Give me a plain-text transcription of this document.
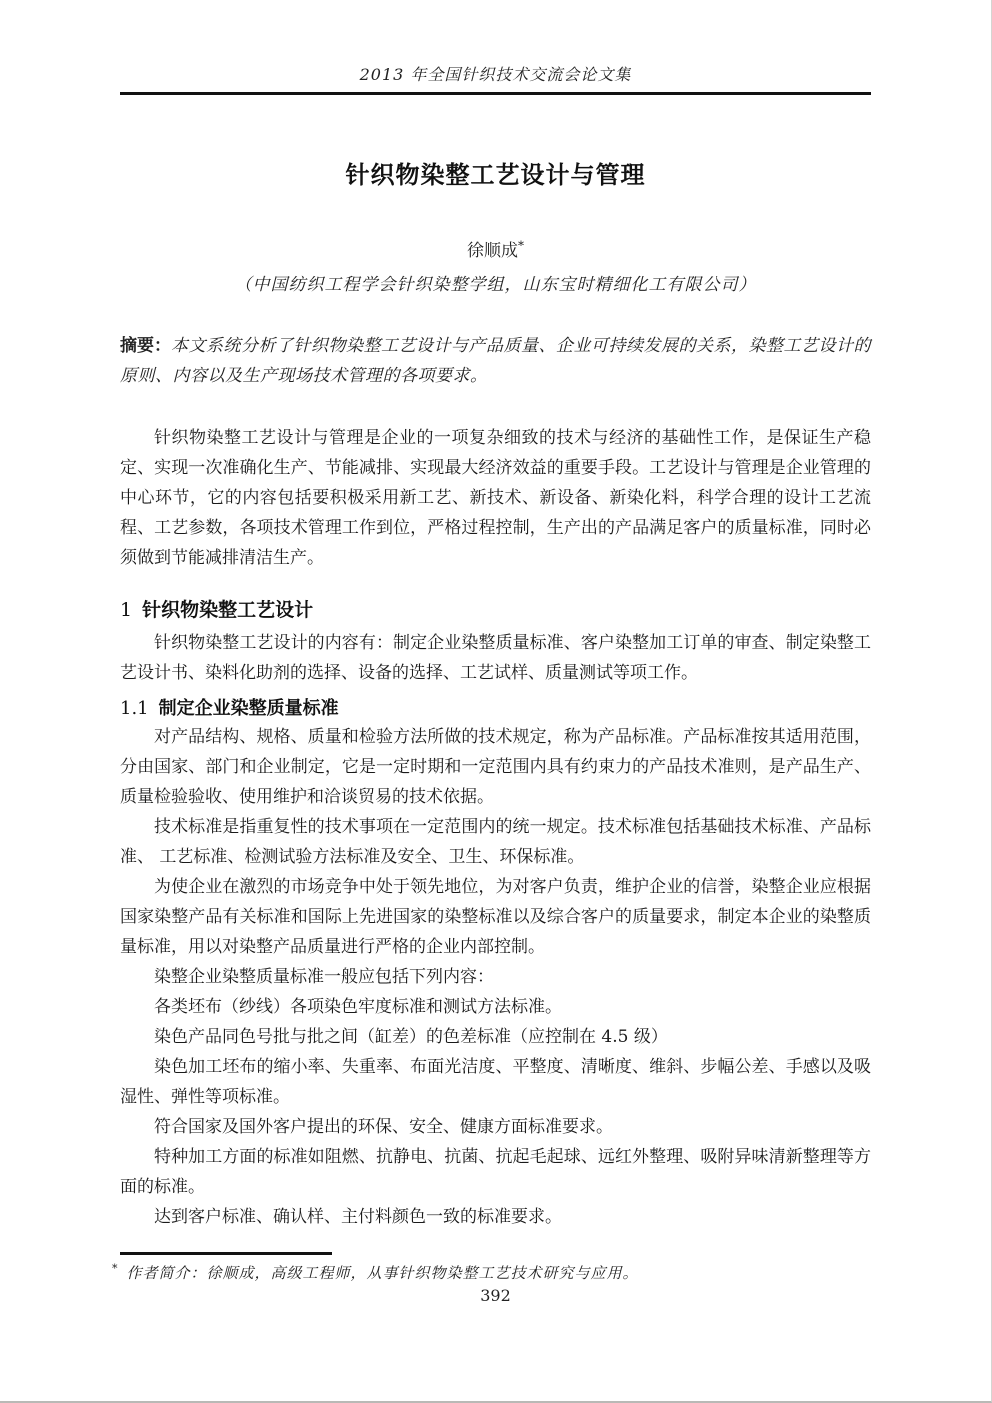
2013 年全国针织技术交流会论文集
针织物染整工艺设计与管理
徐顺成*
（中国纺织工程学会针织染整学组，山东宝时精细化工有限公司）

摘要：本文系统分析了针织物染整工艺设计与产品质量、企业可持续发展的关系，染整工艺设计的原则、内容以及生产现场技术管理的各项要求。

针织物染整工艺设计与管理是企业的一项复杂细致的技术与经济的基础性工作，是保证生产稳定、实现一次准确化生产、节能减排、实现最大经济效益的重要手段。工艺设计与管理是企业管理的中心环节，它的内容包括要积极采用新工艺、新技术、新设备、新染化料，科学合理的设计工艺流程、工艺参数，各项技术管理工作到位，严格过程控制，生产出的产品满足客户的质量标准，同时必须做到节能减排清洁生产。

1 针织物染整工艺设计

针织物染整工艺设计的内容有：制定企业染整质量标准、客户染整加工订单的审查、制定染整工艺设计书、染料化助剂的选择、设备的选择、工艺试样、质量测试等项工作。

1.1 制定企业染整质量标准

对产品结构、规格、质量和检验方法所做的技术规定，称为产品标准。产品标准按其适用范围，分由国家、部门和企业制定，它是一定时期和一定范围内具有约束力的产品技术准则，是产品生产、质量检验验收、使用维护和洽谈贸易的技术依据。

技术标准是指重复性的技术事项在一定范围内的统一规定。技术标准包括基础技术标准、产品标准、 工艺标准、检测试验方法标准及安全、卫生、环保标准。

为使企业在激烈的市场竞争中处于领先地位，为对客户负责，维护企业的信誉，染整企业应根据国家染整产品有关标准和国际上先进国家的染整标准以及综合客户的质量要求，制定本企业的染整质量标准，用以对染整产品质量进行严格的企业内部控制。

染整企业染整质量标准一般应包括下列内容：

各类坯布（纱线）各项染色牢度标准和测试方法标准。

染色产品同色号批与批之间（缸差）的色差标准（应控制在 4.5 级）

染色加工坯布的缩小率、失重率、布面光洁度、平整度、清晰度、维斜、步幅公差、手感以及吸湿性、弹性等项标准。

符合国家及国外客户提出的环保、安全、健康方面标准要求。

特种加工方面的标准如阻燃、抗静电、抗菌、抗起毛起球、远红外整理、吸附异味清新整理等方面的标准。

达到客户标准、确认样、主付料颜色一致的标准要求。

* 作者简介：徐顺成，高级工程师，从事针织物染整工艺技术研究与应用。
392
